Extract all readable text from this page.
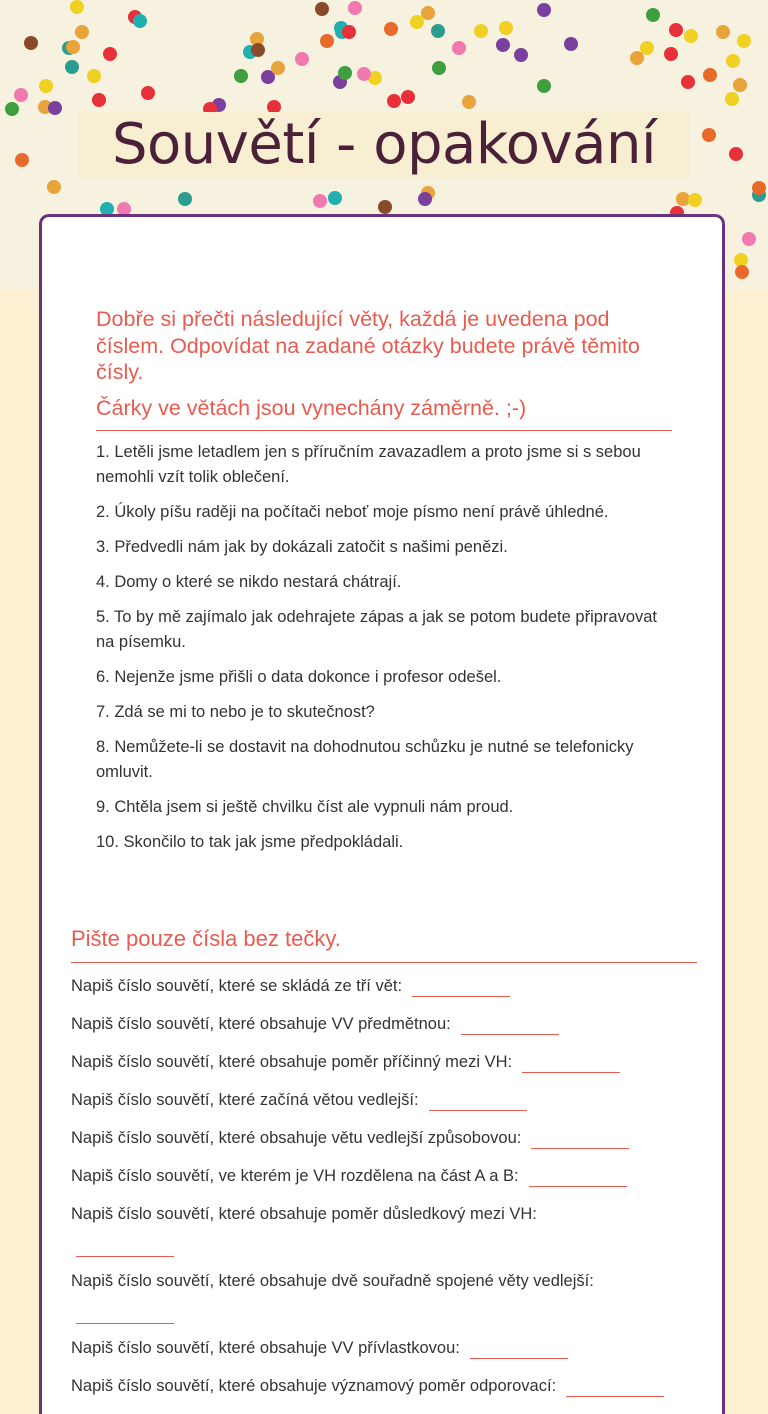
Souvětí - opakování

Dobře si přečti následující věty, každá je uvedena pod číslem. Odpovídat na zadané otázky budete právě těmito čísly.

Čárky ve větách jsou vynechány záměrně. ;-)

1. Letěli jsme letadlem jen s příručním zavazadlem a proto jsme si s sebou nemohli vzít tolik oblečení.
2. Úkoly píšu raději na počítači neboť moje písmo není právě úhledné.
3. Předvedli nám jak by dokázali zatočit s našimi penězi.
4. Domy o které se nikdo nestará chátrají.
5. To by mě zajímalo jak odehrajete zápas a jak se potom budete připravovat na písemku.
6. Nejenže jsme přišli o data dokonce i profesor odešel.
7. Zdá se mi to nebo je to skutečnost?
8. Nemůžete-li se dostavit na dohodnutou schůzku je nutné se telefonicky omluvit.
9. Chtěla jsem si ještě chvilku číst ale vypnuli nám proud.
10. Skončilo to tak jak jsme předpokládali.
Pište pouze čísla bez tečky.
Napiš číslo souvětí, které se skládá ze tří vět:
Napiš číslo souvětí, které obsahuje VV předmětnou:
Napiš číslo souvětí, které obsahuje poměr příčinný mezi VH:
Napiš číslo souvětí, které začíná větou vedlejší:
Napiš číslo souvětí, které obsahuje větu vedlejší způsobovou:
Napiš číslo souvětí, ve kterém je VH rozdělena na část A a B:
Napiš číslo souvětí, které obsahuje poměr důsledkový mezi VH:
Napiš číslo souvětí, které obsahuje dvě souřadně spojené věty vedlejší:
Napiš číslo souvětí, které obsahuje VV přívlastkovou:
Napiš číslo souvětí, které obsahuje významový poměr odporovací:
